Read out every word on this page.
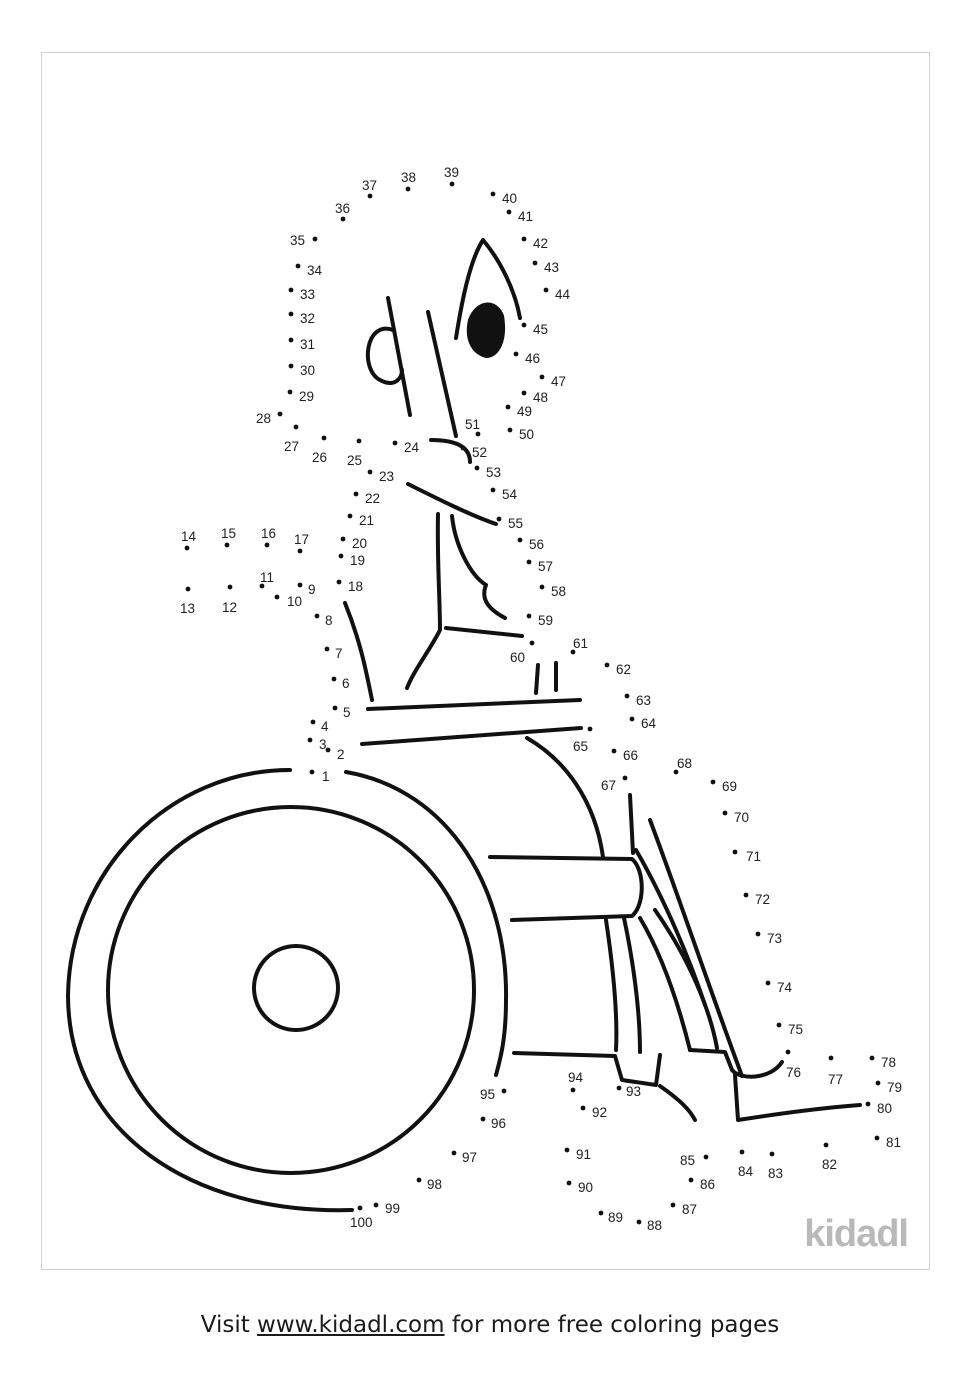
1
2
3
4
5
6
7
8
9
10
11
12
13
14 15 16 17
18
19
20
21
22
23
24
25
26
27
28
29
30
31
32
33
34
35
36
37
38 39
40
41
42
43
44
45
46
47
48
49
50
51
52
53
54
55
56
57
58
59
60
61
62
63
64
65
66
67
68
69
70
71
72
73
74
75
76 77
78
79
80
81
82
83
84
85
86
87
88
89
90
91
92
93
94
95
96
97
98
99
100	kidadl
Visit www.kidadl.com for more free coloring pages
